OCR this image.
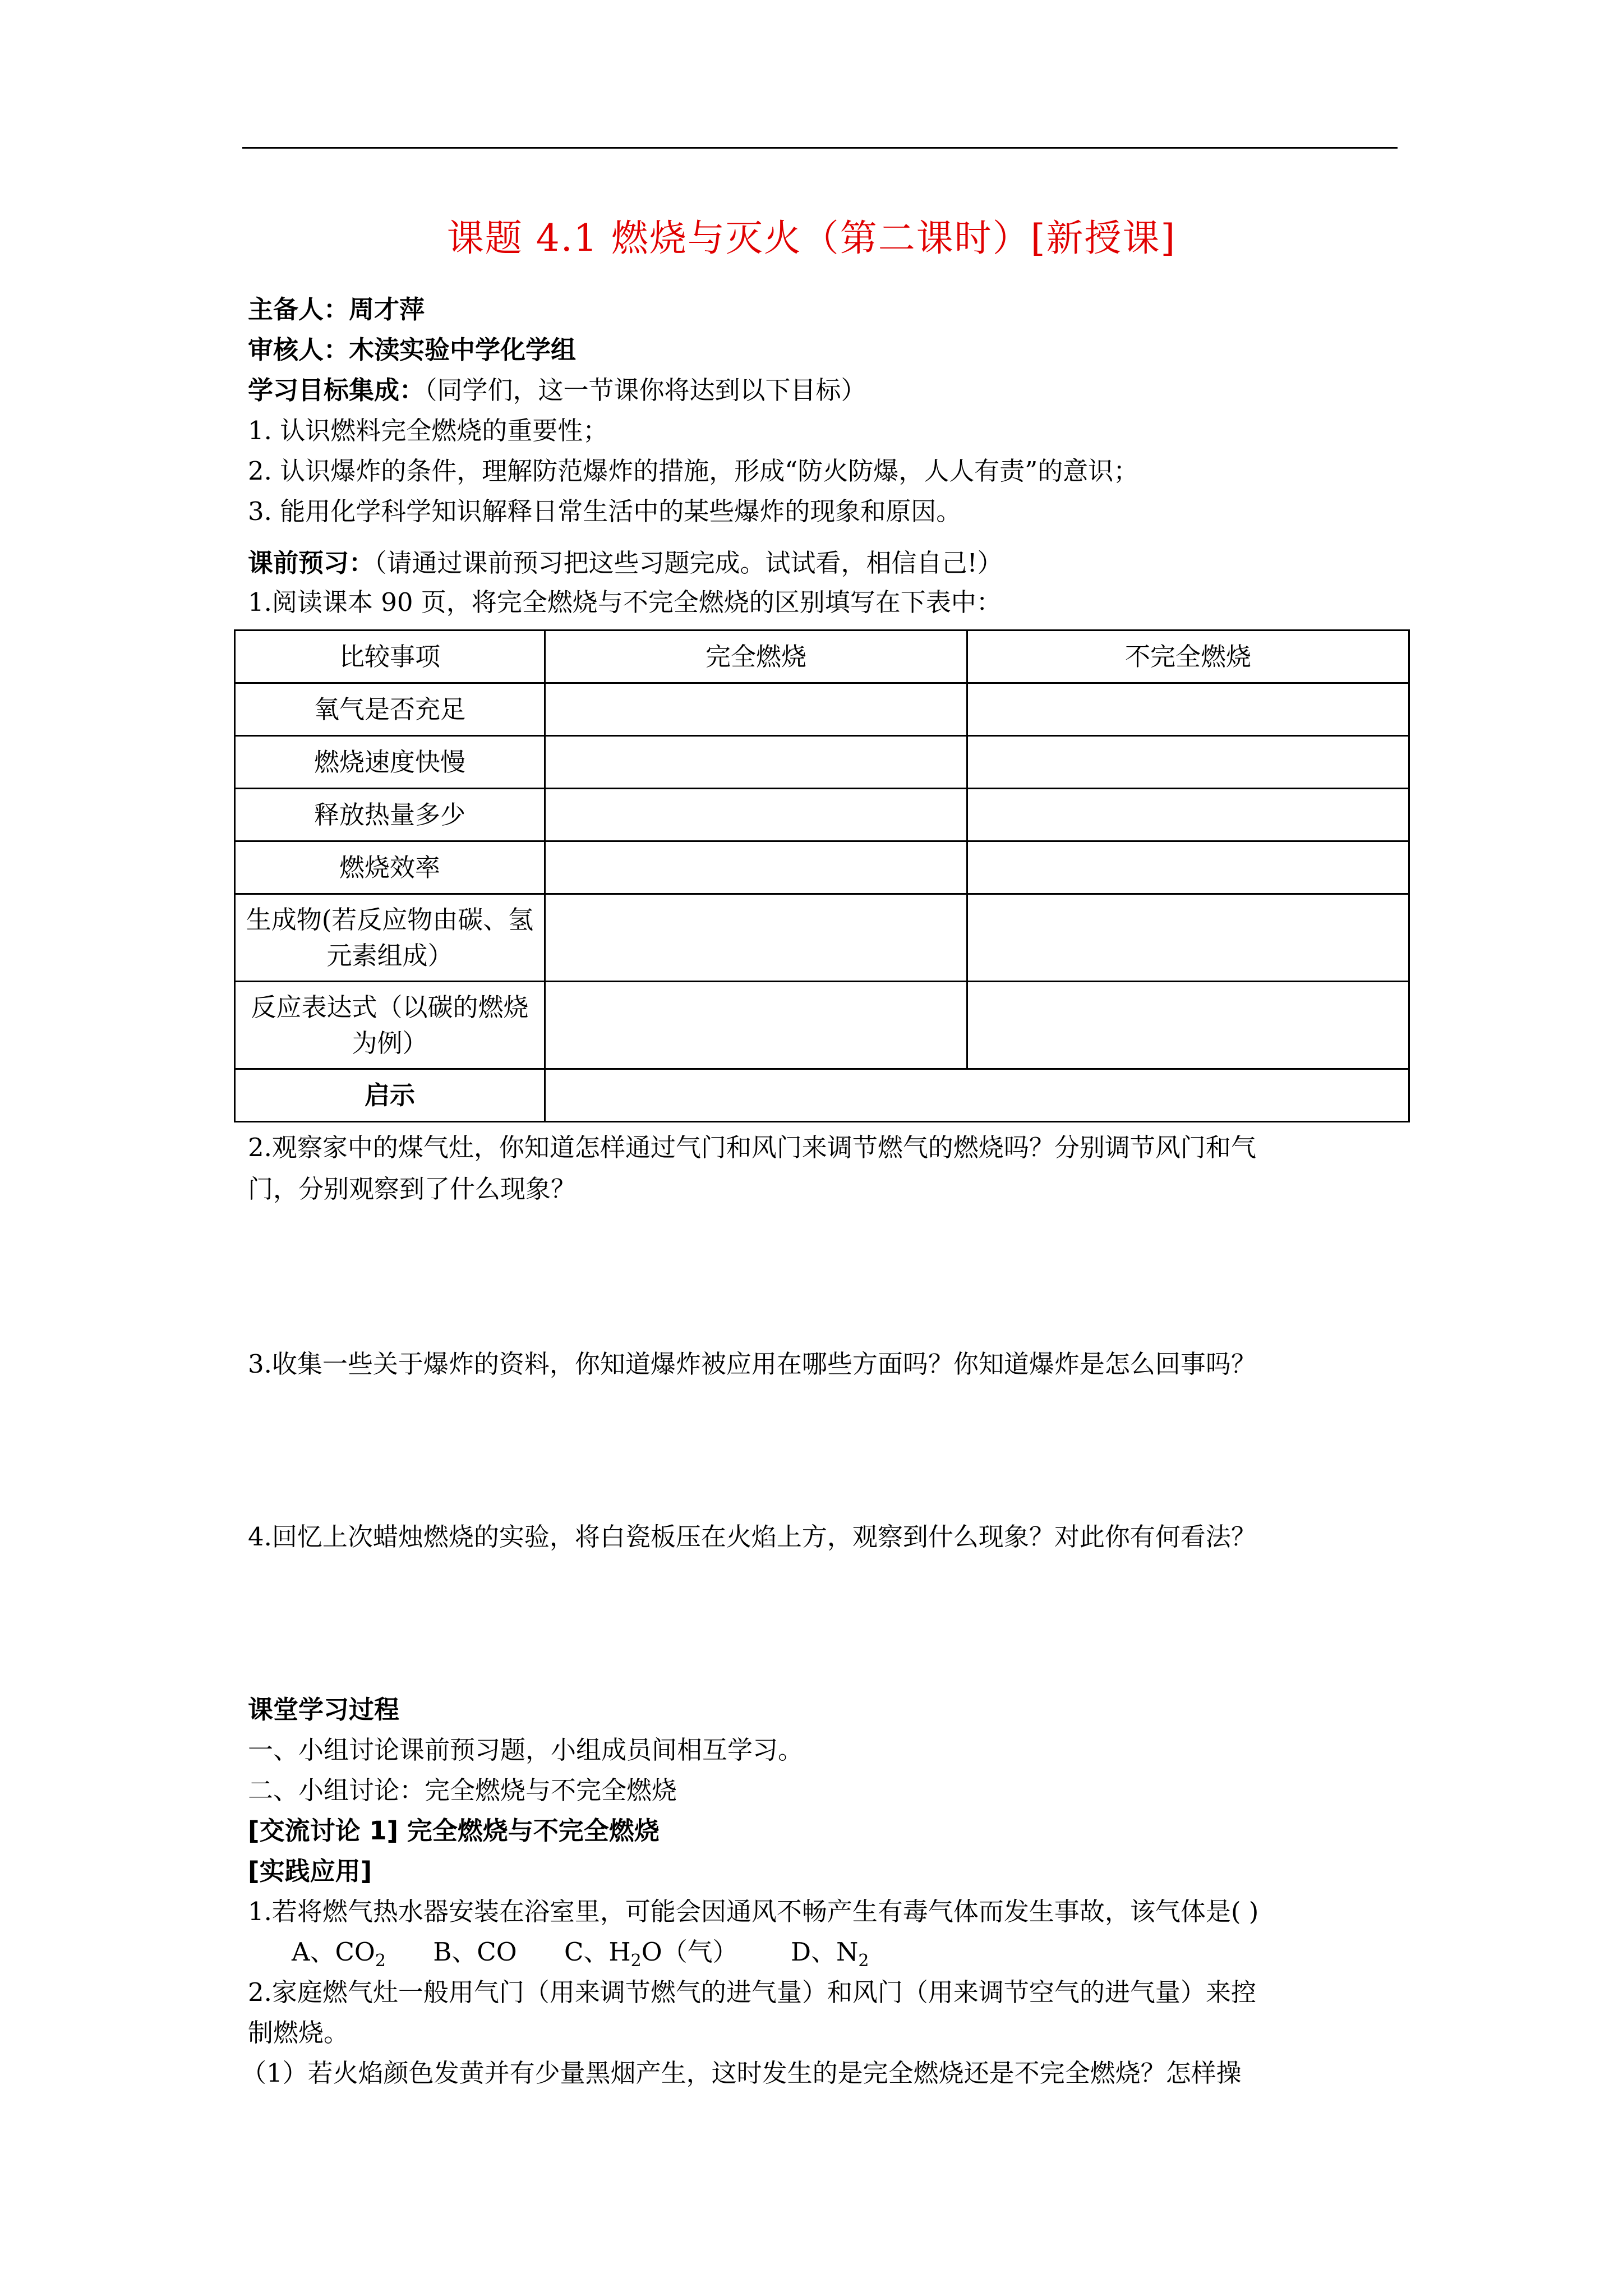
课题 4.1 燃烧与灭火（第二课时）[新授课]
主备人：周才萍
审核人：木渎实验中学化学组
学习目标集成：（同学们，这一节课你将达到以下目标）
1. 认识燃料完全燃烧的重要性；
2. 认识爆炸的条件，理解防范爆炸的措施，形成“防火防爆，人人有责”的意识；
3. 能用化学科学知识解释日常生活中的某些爆炸的现象和原因。
课前预习：（请通过课前预习把这些习题完成。试试看，相信自己!）
1.阅读课本 90 页，将完全燃烧与不完全燃烧的区别填写在下表中：
比较事项	完全燃烧	不完全燃烧
氧气是否充足		
燃烧速度快慢		
释放热量多少		
燃烧效率		
生成物(若反应物由碳、氢元素组成）		
反应表达式（以碳的燃烧为例）		
启示		
2.观察家中的煤气灶，你知道怎样通过气门和风门来调节燃气的燃烧吗？分别调节风门和气
门，分别观察到了什么现象？
3.收集一些关于爆炸的资料，你知道爆炸被应用在哪些方面吗？你知道爆炸是怎么回事吗？
4.回忆上次蜡烛燃烧的实验，将白瓷板压在火焰上方，观察到什么现象？对此你有何看法？
课堂学习过程
一、小组讨论课前预习题，小组成员间相互学习。
二、小组讨论：完全燃烧与不完全燃烧
[交流讨论 1] 完全燃烧与不完全燃烧
[实践应用]
1.若将燃气热水器安装在浴室里，可能会因通风不畅产生有毒气体而发生事故，该气体是( )
A、$CO_2$ B、CO C、$H_2O$（气） D、$N_2$
2.家庭燃气灶一般用气门（用来调节燃气的进气量）和风门（用来调节空气的进气量）来控
制燃烧。
（1）若火焰颜色发黄并有少量黑烟产生，这时发生的是完全燃烧还是不完全燃烧？怎样操
